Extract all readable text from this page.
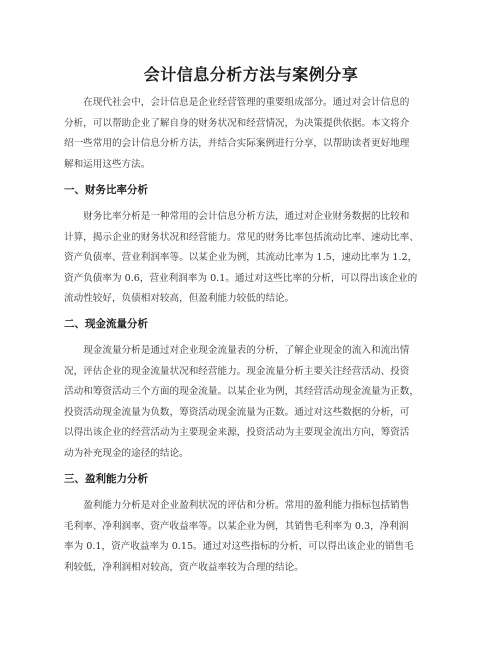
会计信息分析方法与案例分享

在现代社会中，会计信息是企业经营管理的重要组成部分。通过对会计信息的
分析，可以帮助企业了解自身的财务状况和经营情况，为决策提供依据。本文将介
绍一些常用的会计信息分析方法，并结合实际案例进行分享，以帮助读者更好地理
解和运用这些方法。

一、财务比率分析

财务比率分析是一种常用的会计信息分析方法，通过对企业财务数据的比较和
计算，揭示企业的财务状况和经营能力。常见的财务比率包括流动比率、速动比率、
资产负债率、营业利润率等。以某企业为例，其流动比率为 1.5，速动比率为 1.2，
资产负债率为 0.6，营业利润率为 0.1。通过对这些比率的分析，可以得出该企业的
流动性较好，负债相对较高，但盈利能力较低的结论。

二、现金流量分析

现金流量分析是通过对企业现金流量表的分析，了解企业现金的流入和流出情
况，评估企业的现金流量状况和经营能力。现金流量分析主要关注经营活动、投资
活动和筹资活动三个方面的现金流量。以某企业为例，其经营活动现金流量为正数，
投资活动现金流量为负数，筹资活动现金流量为正数。通过对这些数据的分析，可
以得出该企业的经营活动为主要现金来源，投资活动为主要现金流出方向，筹资活
动为补充现金的途径的结论。

三、盈利能力分析

盈利能力分析是对企业盈利状况的评估和分析。常用的盈利能力指标包括销售
毛利率、净利润率、资产收益率等。以某企业为例，其销售毛利率为 0.3，净利润
率为 0.1，资产收益率为 0.15。通过对这些指标的分析，可以得出该企业的销售毛
利较低，净利润相对较高，资产收益率较为合理的结论。
